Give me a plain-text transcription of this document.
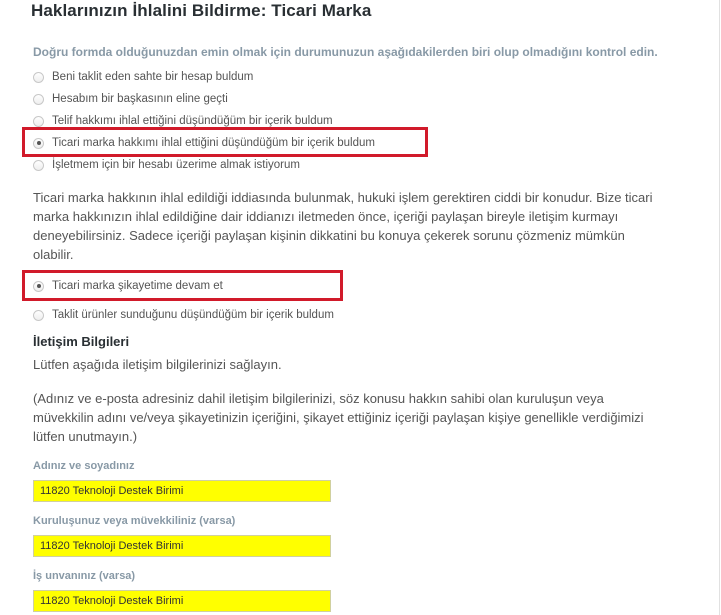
Haklarınızın İhlalini Bildirme: Ticari Marka
Doğru formda olduğunuzdan emin olmak için durumunuzun aşağıdakilerden biri olup olmadığını kontrol edin.
Beni taklit eden sahte bir hesap buldum
Hesabım bir başkasının eline geçti
Telif hakkımı ihlal ettiğini düşündüğüm bir içerik buldum
Ticari marka hakkımı ihlal ettiğini düşündüğüm bir içerik buldum
İşletmem için bir hesabı üzerime almak istiyorum

Ticari marka hakkının ihlal edildiği iddiasında bulunmak, hukuki işlem gerektiren ciddi bir konudur. Bize ticari marka hakkınızın ihlal edildiğine dair iddianızı iletmeden önce, içeriği paylaşan bireyle iletişim kurmayı deneyebilirsiniz. Sadece içeriği paylaşan kişinin dikkatini bu konuya çekerek sorunu çözmeniz mümkün olabilir.

Ticari marka şikayetime devam et
Taklit ürünler sunduğunu düşündüğüm bir içerik buldum
İletişim Bilgileri

Lütfen aşağıda iletişim bilgilerinizi sağlayın.

(Adınız ve e-posta adresiniz dahil iletişim bilgilerinizi, söz konusu hakkın sahibi olan kuruluşun veya müvekkilin adını ve/veya şikayetinizin içeriğini, şikayet ettiğiniz içeriği paylaşan kişiye genellikle verdiğimizi lütfen unutmayın.)

Adınız ve soyadınız
11820 Teknoloji Destek Birimi
Kuruluşunuz veya müvekkiliniz (varsa)
11820 Teknoloji Destek Birimi
İş unvanınız (varsa)
11820 Teknoloji Destek Birimi
